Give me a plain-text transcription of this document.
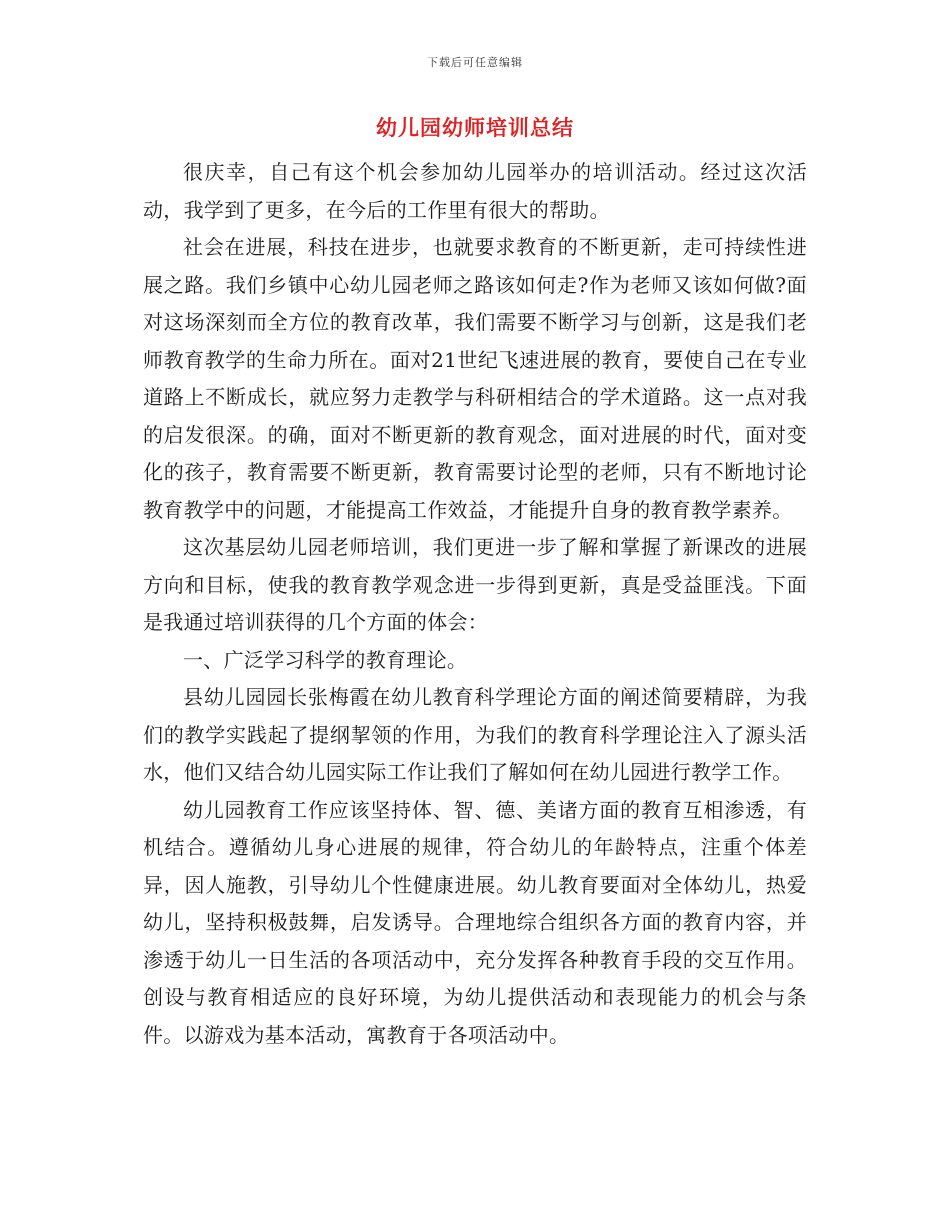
下载后可任意编辑
幼儿园幼师培训总结

很庆幸，自己有这个机会参加幼儿园举办的培训活动。经过这次活动，我学到了更多，在今后的工作里有很大的帮助。

社会在进展，科技在进步，也就要求教育的不断更新，走可持续性进展之路。我们乡镇中心幼儿园老师之路该如何走?作为老师又该如何做?面对这场深刻而全方位的教育改革，我们需要不断学习与创新，这是我们老师教育教学的生命力所在。面对21世纪飞速进展的教育，要使自己在专业道路上不断成长，就应努力走教学与科研相结合的学术道路。这一点对我的启发很深。的确，面对不断更新的教育观念，面对进展的时代，面对变化的孩子，教育需要不断更新，教育需要讨论型的老师，只有不断地讨论教育教学中的问题，才能提高工作效益，才能提升自身的教育教学素养。

这次基层幼儿园老师培训，我们更进一步了解和掌握了新课改的进展方向和目标，使我的教育教学观念进一步得到更新，真是受益匪浅。下面是我通过培训获得的几个方面的体会：

一、广泛学习科学的教育理论。

县幼儿园园长张梅霞在幼儿教育科学理论方面的阐述简要精辟，为我们的教学实践起了提纲挈领的作用，为我们的教育科学理论注入了源头活水，他们又结合幼儿园实际工作让我们了解如何在幼儿园进行教学工作。

幼儿园教育工作应该坚持体、智、德、美诸方面的教育互相渗透，有机结合。遵循幼儿身心进展的规律，符合幼儿的年龄特点，注重个体差异，因人施教，引导幼儿个性健康进展。幼儿教育要面对全体幼儿，热爱幼儿，坚持积极鼓舞，启发诱导。合理地综合组织各方面的教育内容，并渗透于幼儿一日生活的各项活动中，充分发挥各种教育手段的交互作用。创设与教育相适应的良好环境，为幼儿提供活动和表现能力的机会与条件。以游戏为基本活动，寓教育于各项活动中。
